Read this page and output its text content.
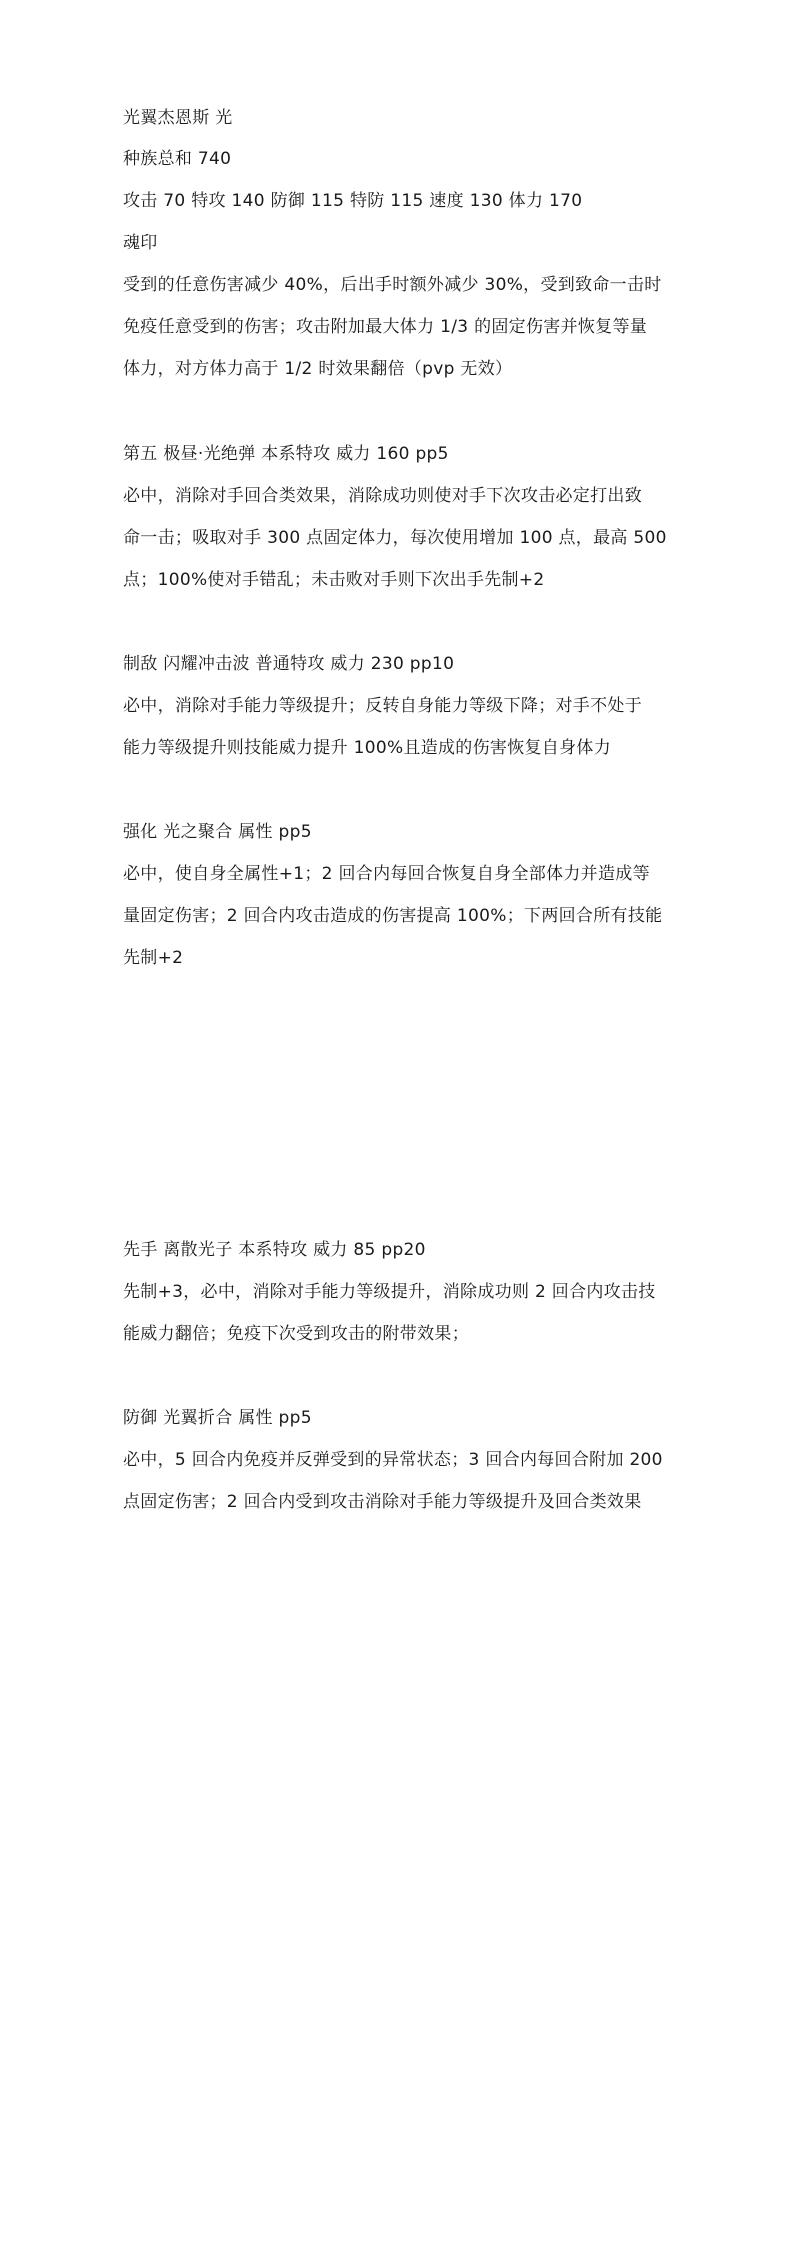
光翼杰恩斯 光
种族总和 740
攻击 70 特攻 140 防御 115 特防 115 速度 130 体力 170
魂印
受到的任意伤害减少 40%，后出手时额外减少 30%，受到致命一击时
免疫任意受到的伤害；攻击附加最大体力 1/3 的固定伤害并恢复等量
体力，对方体力高于 1/2 时效果翻倍（pvp 无效）
第五 极昼·光绝弹 本系特攻 威力 160 pp5
必中，消除对手回合类效果，消除成功则使对手下次攻击必定打出致
命一击；吸取对手 300 点固定体力，每次使用增加 100 点，最高 500
点；100%使对手错乱；未击败对手则下次出手先制+2
制敌 闪耀冲击波 普通特攻 威力 230 pp10
必中，消除对手能力等级提升；反转自身能力等级下降；对手不处于
能力等级提升则技能威力提升 100%且造成的伤害恢复自身体力
强化 光之聚合 属性 pp5
必中，使自身全属性+1；2 回合内每回合恢复自身全部体力并造成等
量固定伤害；2 回合内攻击造成的伤害提高 100%；下两回合所有技能
先制+2
先手 离散光子 本系特攻 威力 85 pp20
先制+3，必中，消除对手能力等级提升，消除成功则 2 回合内攻击技
能威力翻倍；免疫下次受到攻击的附带效果；
防御 光翼折合 属性 pp5
必中，5 回合内免疫并反弹受到的异常状态；3 回合内每回合附加 200
点固定伤害；2 回合内受到攻击消除对手能力等级提升及回合类效果
